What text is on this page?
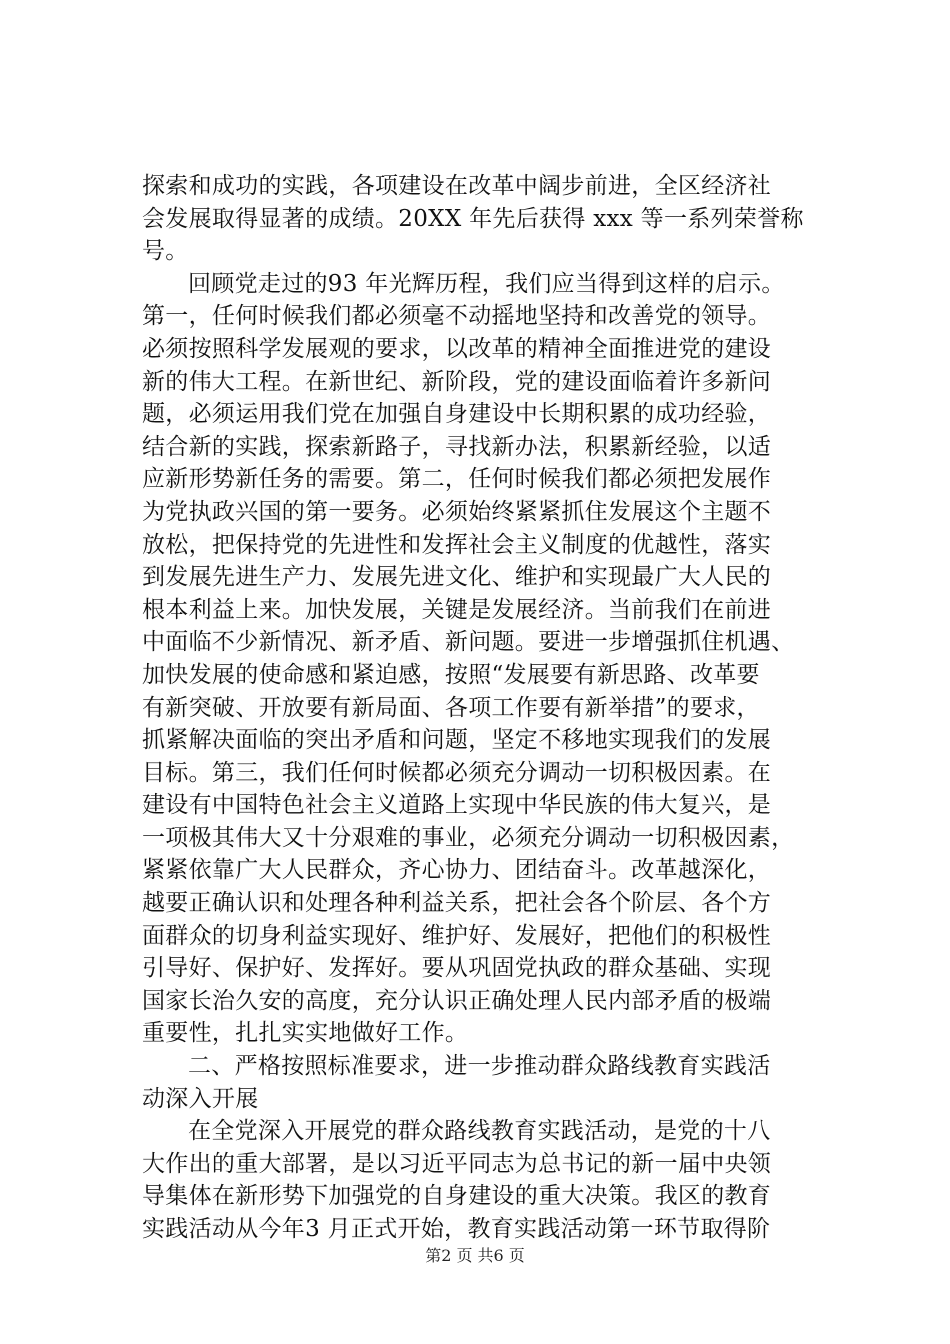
探索和成功的实践，各项建设在改革中阔步前进，全区经济社
会发展取得显著的成绩。20XX 年先后获得 xxx 等一系列荣誉称
号。
回顾党走过的93 年光辉历程，我们应当得到这样的启示。
第一，任何时候我们都必须毫不动摇地坚持和改善党的领导。
必须按照科学发展观的要求，以改革的精神全面推进党的建设
新的伟大工程。在新世纪、新阶段，党的建设面临着许多新问
题，必须运用我们党在加强自身建设中长期积累的成功经验，
结合新的实践，探索新路子，寻找新办法，积累新经验，以适
应新形势新任务的需要。第二，任何时候我们都必须把发展作
为党执政兴国的第一要务。必须始终紧紧抓住发展这个主题不
放松，把保持党的先进性和发挥社会主义制度的优越性，落实
到发展先进生产力、发展先进文化、维护和实现最广大人民的
根本利益上来。加快发展，关键是发展经济。当前我们在前进
中面临不少新情况、新矛盾、新问题。要进一步增强抓住机遇、
加快发展的使命感和紧迫感，按照“发展要有新思路、改革要
有新突破、开放要有新局面、各项工作要有新举措”的要求，
抓紧解决面临的突出矛盾和问题，坚定不移地实现我们的发展
目标。第三，我们任何时候都必须充分调动一切积极因素。在
建设有中国特色社会主义道路上实现中华民族的伟大复兴，是
一项极其伟大又十分艰难的事业，必须充分调动一切积极因素，
紧紧依靠广大人民群众，齐心协力、团结奋斗。改革越深化，
越要正确认识和处理各种利益关系，把社会各个阶层、各个方
面群众的切身利益实现好、维护好、发展好，把他们的积极性
引导好、保护好、发挥好。要从巩固党执政的群众基础、实现
国家长治久安的高度，充分认识正确处理人民内部矛盾的极端
重要性，扎扎实实地做好工作。
二、严格按照标准要求，进一步推动群众路线教育实践活
动深入开展
在全党深入开展党的群众路线教育实践活动，是党的十八
大作出的重大部署，是以习近平同志为总书记的新一届中央领
导集体在新形势下加强党的自身建设的重大决策。我区的教育
实践活动从今年3 月正式开始，教育实践活动第一环节取得阶
第2 页 共6 页
